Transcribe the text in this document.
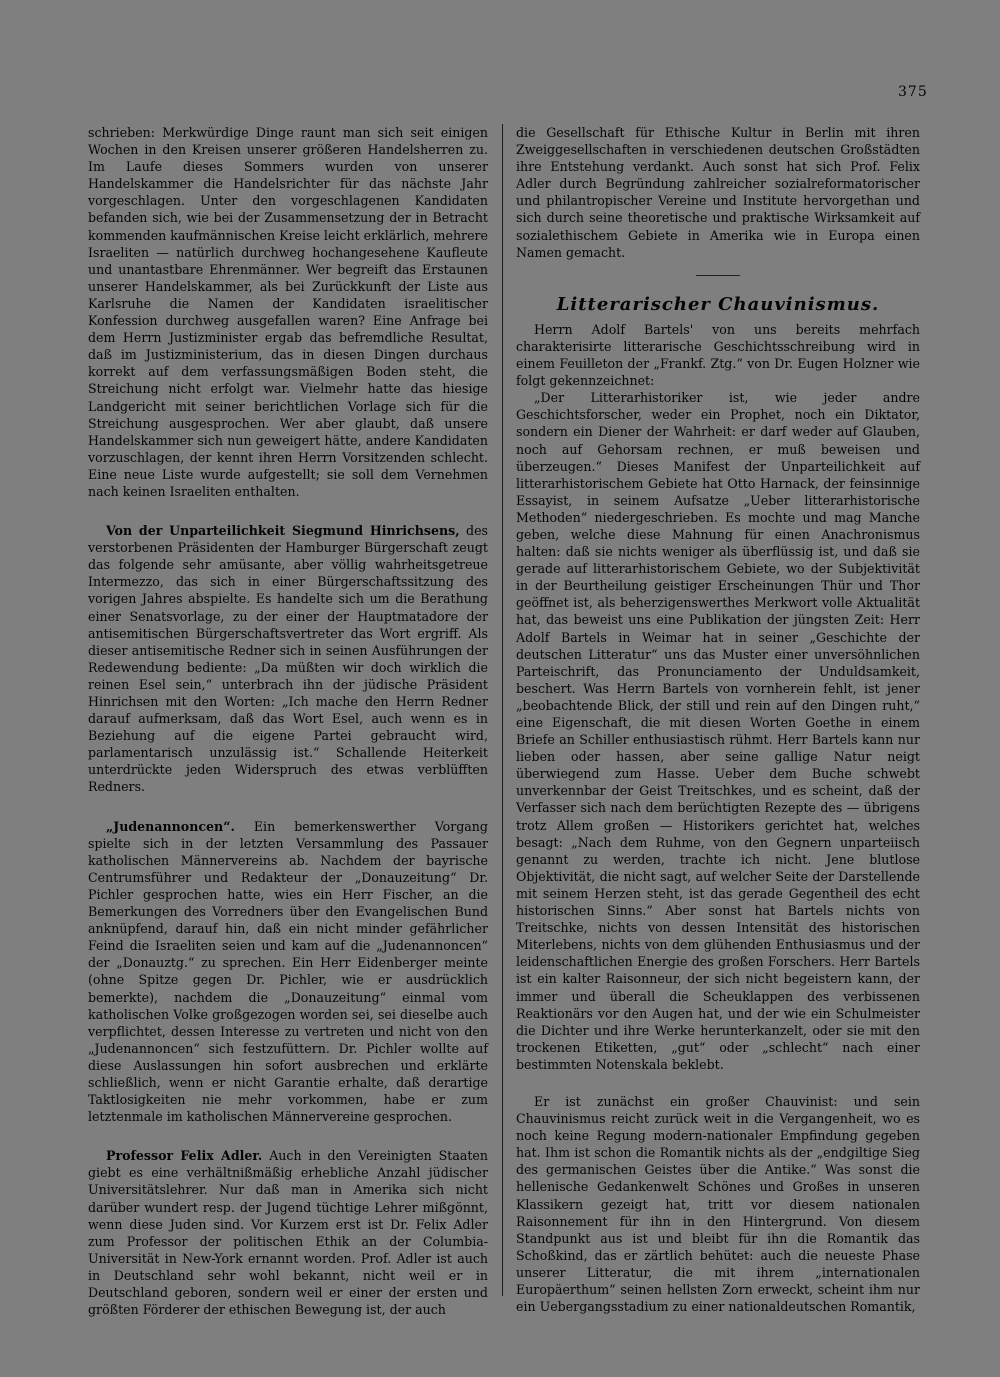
375

schrieben: Merkwürdige Dinge raunt man sich seit einigen Wochen in den Kreisen unserer größeren Handelsherren zu. Im Laufe dieses Sommers wurden von unserer Handelskammer die Handelsrichter für das nächste Jahr vorgeschlagen. Unter den vorgeschlagenen Kandidaten befanden sich, wie bei der Zusammensetzung der in Betracht kommenden kaufmännischen Kreise leicht erklärlich, mehrere Israeliten — natürlich durchweg hochangesehene Kaufleute und unantastbare Ehrenmänner. Wer begreift das Erstaunen unserer Handelskammer, als bei Zurückkunft der Liste aus Karlsruhe die Namen der Kandidaten israelitischer Konfession durchweg ausgefallen waren? Eine Anfrage bei dem Herrn Justizminister ergab das befremdliche Resultat, daß im Justizministerium, das in diesen Dingen durchaus korrekt auf dem verfassungsmäßigen Boden steht, die Streichung nicht erfolgt war. Vielmehr hatte das hiesige Landgericht mit seiner berichtlichen Vorlage sich für die Streichung ausgesprochen. Wer aber glaubt, daß unsere Handelskammer sich nun geweigert hätte, andere Kandidaten vorzuschlagen, der kennt ihren Herrn Vorsitzenden schlecht. Eine neue Liste wurde aufgestellt; sie soll dem Vernehmen nach keinen Israeliten enthalten.

Von der Unparteilichkeit Siegmund Hinrichsens, des verstorbenen Präsidenten der Hamburger Bürgerschaft zeugt das folgende sehr amüsante, aber völlig wahrheitsgetreue Intermezzo, das sich in einer Bürgerschaftssitzung des vorigen Jahres abspielte. Es handelte sich um die Berathung einer Senatsvorlage, zu der einer der Hauptmatadore der antisemitischen Bürgerschaftsvertreter das Wort ergriff. Als dieser antisemitische Redner sich in seinen Ausführungen der Redewendung bediente: „Da müßten wir doch wirklich die reinen Esel sein,“ unterbrach ihn der jüdische Präsident Hinrichsen mit den Worten: „Ich mache den Herrn Redner darauf aufmerksam, daß das Wort Esel, auch wenn es in Beziehung auf die eigene Partei gebraucht wird, parlamentarisch unzulässig ist.“ Schallende Heiterkeit unterdrückte jeden Widerspruch des etwas verblüfften Redners.

„Judenannoncen“. Ein bemerkenswerther Vorgang spielte sich in der letzten Versammlung des Passauer katholischen Männervereins ab. Nachdem der bayrische Centrumsführer und Redakteur der „Donauzeitung“ Dr. Pichler gesprochen hatte, wies ein Herr Fischer, an die Bemerkungen des Vorredners über den Evangelischen Bund anknüpfend, darauf hin, daß ein nicht minder gefährlicher Feind die Israeliten seien und kam auf die „Judenannoncen“ der „Donauztg.“ zu sprechen. Ein Herr Eidenberger meinte (ohne Spitze gegen Dr. Pichler, wie er ausdrücklich bemerkte), nachdem die „Donauzeitung“ einmal vom katholischen Volke großgezogen worden sei, sei dieselbe auch verpflichtet, dessen Interesse zu vertreten und nicht von den „Judenannoncen“ sich festzufüttern. Dr. Pichler wollte auf diese Auslassungen hin sofort ausbrechen und erklärte schließlich, wenn er nicht Garantie erhalte, daß derartige Taktlosigkeiten nie mehr vorkommen, habe er zum letztenmale im katholischen Männervereine gesprochen.

Professor Felix Adler. Auch in den Vereinigten Staaten giebt es eine verhältnißmäßig erhebliche Anzahl jüdischer Universitätslehrer. Nur daß man in Amerika sich nicht darüber wundert resp. der Jugend tüchtige Lehrer mißgönnt, wenn diese Juden sind. Vor Kurzem erst ist Dr. Felix Adler zum Professor der politischen Ethik an der Columbia-Universität in New-York ernannt worden. Prof. Adler ist auch in Deutschland sehr wohl bekannt, nicht weil er in Deutschland geboren, sondern weil er einer der ersten und größten Förderer der ethischen Bewegung ist, der auch

die Gesellschaft für Ethische Kultur in Berlin mit ihren Zweiggesellschaften in verschiedenen deutschen Großstädten ihre Entstehung verdankt. Auch sonst hat sich Prof. Felix Adler durch Begründung zahlreicher sozialreformatorischer und philantropischer Vereine und Institute hervorgethan und sich durch seine theoretische und praktische Wirksamkeit auf sozialethischem Gebiete in Amerika wie in Europa einen Namen gemacht.

Litterarischer Chauvinismus.

Herrn Adolf Bartels' von uns bereits mehrfach charakterisirte litterarische Geschichtsschreibung wird in einem Feuilleton der „Frankf. Ztg.“ von Dr. Eugen Holzner wie folgt gekennzeichnet:

„Der Litterarhistoriker ist, wie jeder andre Geschichtsforscher, weder ein Prophet, noch ein Diktator, sondern ein Diener der Wahrheit: er darf weder auf Glauben, noch auf Gehorsam rechnen, er muß beweisen und überzeugen.“ Dieses Manifest der Unparteilichkeit auf litterarhistorischem Gebiete hat Otto Harnack, der feinsinnige Essayist, in seinem Aufsatze „Ueber litterarhistorische Methoden“ niedergeschrieben. Es mochte und mag Manche geben, welche diese Mahnung für einen Anachronismus halten: daß sie nichts weniger als überflüssig ist, und daß sie gerade auf litterarhistorischem Gebiete, wo der Subjektivität in der Beurtheilung geistiger Erscheinungen Thür und Thor geöffnet ist, als beherzigenswerthes Merkwort volle Aktualität hat, das beweist uns eine Publikation der jüngsten Zeit: Herr Adolf Bartels in Weimar hat in seiner „Geschichte der deutschen Litteratur“ uns das Muster einer unversöhnlichen Parteischrift, das Pronunciamento der Unduldsamkeit, beschert. Was Herrn Bartels von vornherein fehlt, ist jener „beobachtende Blick, der still und rein auf den Dingen ruht,“ eine Eigenschaft, die mit diesen Worten Goethe in einem Briefe an Schiller enthusiastisch rühmt. Herr Bartels kann nur lieben oder hassen, aber seine gallige Natur neigt überwiegend zum Hasse. Ueber dem Buche schwebt unverkennbar der Geist Treitschkes, und es scheint, daß der Verfasser sich nach dem berüchtigten Rezepte des — übrigens trotz Allem großen — Historikers gerichtet hat, welches besagt: „Nach dem Ruhme, von den Gegnern unparteiisch genannt zu werden, trachte ich nicht. Jene blutlose Objektivität, die nicht sagt, auf welcher Seite der Darstellende mit seinem Herzen steht, ist das gerade Gegentheil des echt historischen Sinns.“ Aber sonst hat Bartels nichts von Treitschke, nichts von dessen Intensität des historischen Miterlebens, nichts von dem glühenden Enthusiasmus und der leidenschaftlichen Energie des großen Forschers. Herr Bartels ist ein kalter Raisonneur, der sich nicht begeistern kann, der immer und überall die Scheuklappen des verbissenen Reaktionärs vor den Augen hat, und der wie ein Schulmeister die Dichter und ihre Werke herunterkanzelt, oder sie mit den trockenen Etiketten, „gut“ oder „schlecht“ nach einer bestimmten Notenskala beklebt.

Er ist zunächst ein großer Chauvinist: und sein Chauvinismus reicht zurück weit in die Vergangenheit, wo es noch keine Regung modern-nationaler Empfindung gegeben hat. Ihm ist schon die Romantik nichts als der „endgiltige Sieg des germanischen Geistes über die Antike.“ Was sonst die hellenische Gedankenwelt Schönes und Großes in unseren Klassikern gezeigt hat, tritt vor diesem nationalen Raisonnement für ihn in den Hintergrund. Von diesem Standpunkt aus ist und bleibt für ihn die Romantik das Schoßkind, das er zärtlich behütet: auch die neueste Phase unserer Litteratur, die mit ihrem „internationalen Europäerthum“ seinen hellsten Zorn erweckt, scheint ihm nur ein Uebergangsstadium zu einer nationaldeutschen Romantik,
